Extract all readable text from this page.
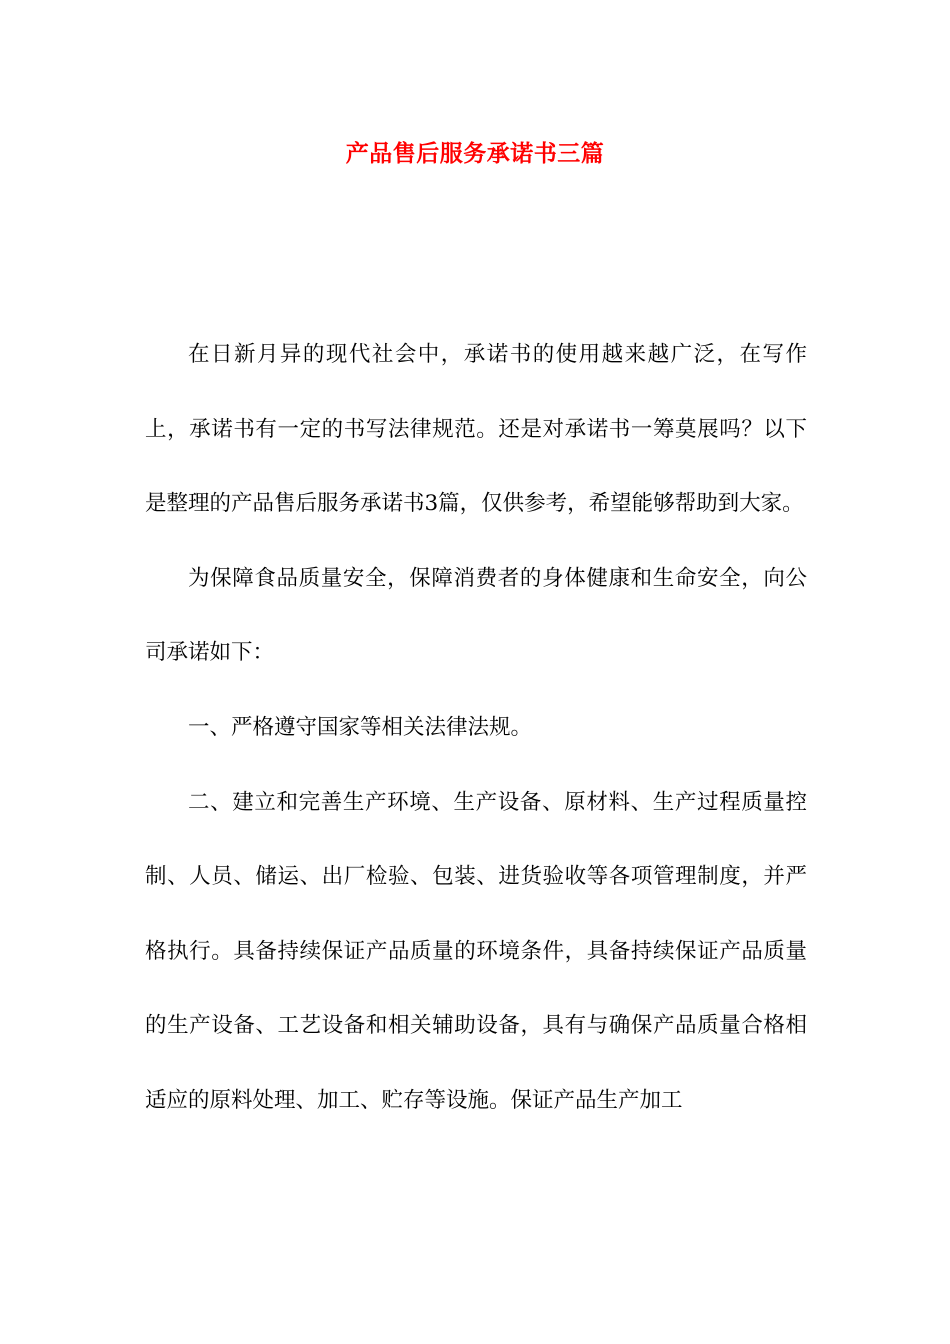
产品售后服务承诺书三篇

在日新月异的现代社会中，承诺书的使用越来越广泛，在写作上，承诺书有一定的书写法律规范。还是对承诺书一筹莫展吗？以下是整理的产品售后服务承诺书3篇，仅供参考，希望能够帮助到大家。

为保障食品质量安全，保障消费者的身体健康和生命安全，向公司承诺如下：

一、严格遵守国家等相关法律法规。

二、建立和完善生产环境、生产设备、原材料、生产过程质量控制、人员、储运、出厂检验、包装、进货验收等各项管理制度，并严格执行。具备持续保证产品质量的环境条件，具备持续保证产品质量的生产设备、工艺设备和相关辅助设备，具有与确保产品质量合格相适应的原料处理、加工、贮存等设施。保证产品生产加工
